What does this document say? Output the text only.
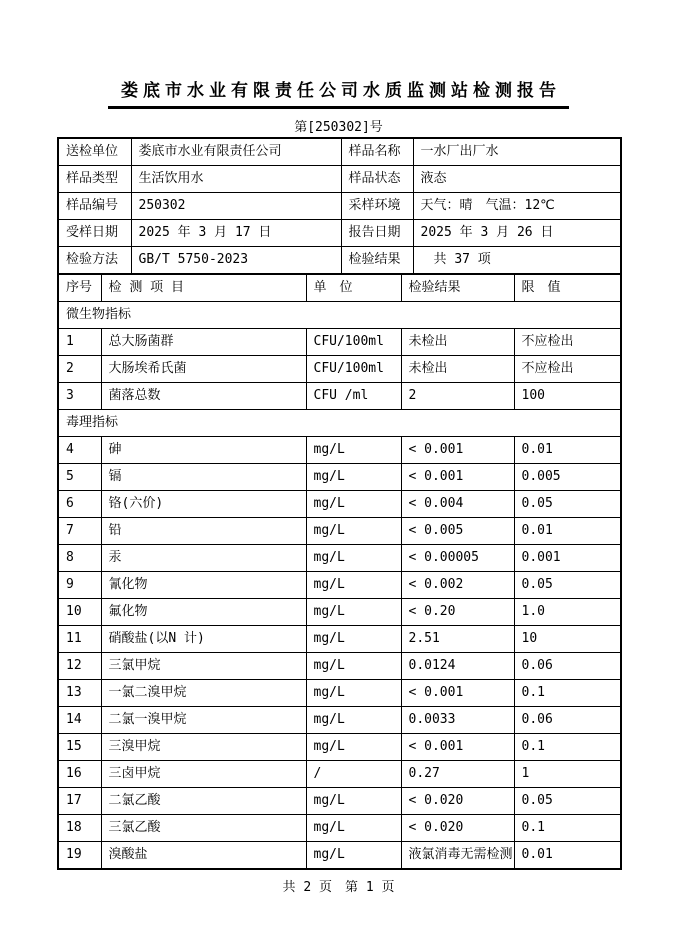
娄底市水业有限责任公司水质监测站检测报告
第[250302]号
送检单位	娄底市水业有限责任公司	样品名称	一水厂出厂水
样品类型	生活饮用水	样品状态	液态
样品编号	250302	采样环境	天气：晴　气温：12℃
受样日期	2025 年 3 月 17 日	报告日期	2025 年 3 月 26 日
检验方法	GB/T 5750-2023	检验结果	　共 37 项
序号	检 测 项 目	单　位	检验结果	限　值
微生物指标				
1	总大肠菌群	CFU/100ml	未检出	不应检出
2	大肠埃希氏菌	CFU/100ml	未检出	不应检出
3	菌落总数	CFU /ml	2	100
毒理指标				
4	砷	mg/L	< 0.001	0.01
5	镉	mg/L	< 0.001	0.005
6	铬(六价)	mg/L	< 0.004	0.05
7	铅	mg/L	< 0.005	0.01
8	汞	mg/L	< 0.00005	0.001
9	氰化物	mg/L	< 0.002	0.05
10	氟化物	mg/L	< 0.20	1.0
11	硝酸盐(以N 计)	mg/L	2.51	10
12	三氯甲烷	mg/L	0.0124	0.06
13	一氯二溴甲烷	mg/L	< 0.001	0.1
14	二氯一溴甲烷	mg/L	0.0033	0.06
15	三溴甲烷	mg/L	< 0.001	0.1
16	三卤甲烷	/	0.27	1
17	二氯乙酸	mg/L	< 0.020	0.05
18	三氯乙酸	mg/L	< 0.020	0.1
19	溴酸盐	mg/L	液氯消毒无需检测	0.01
共 2 页　第 1 页
